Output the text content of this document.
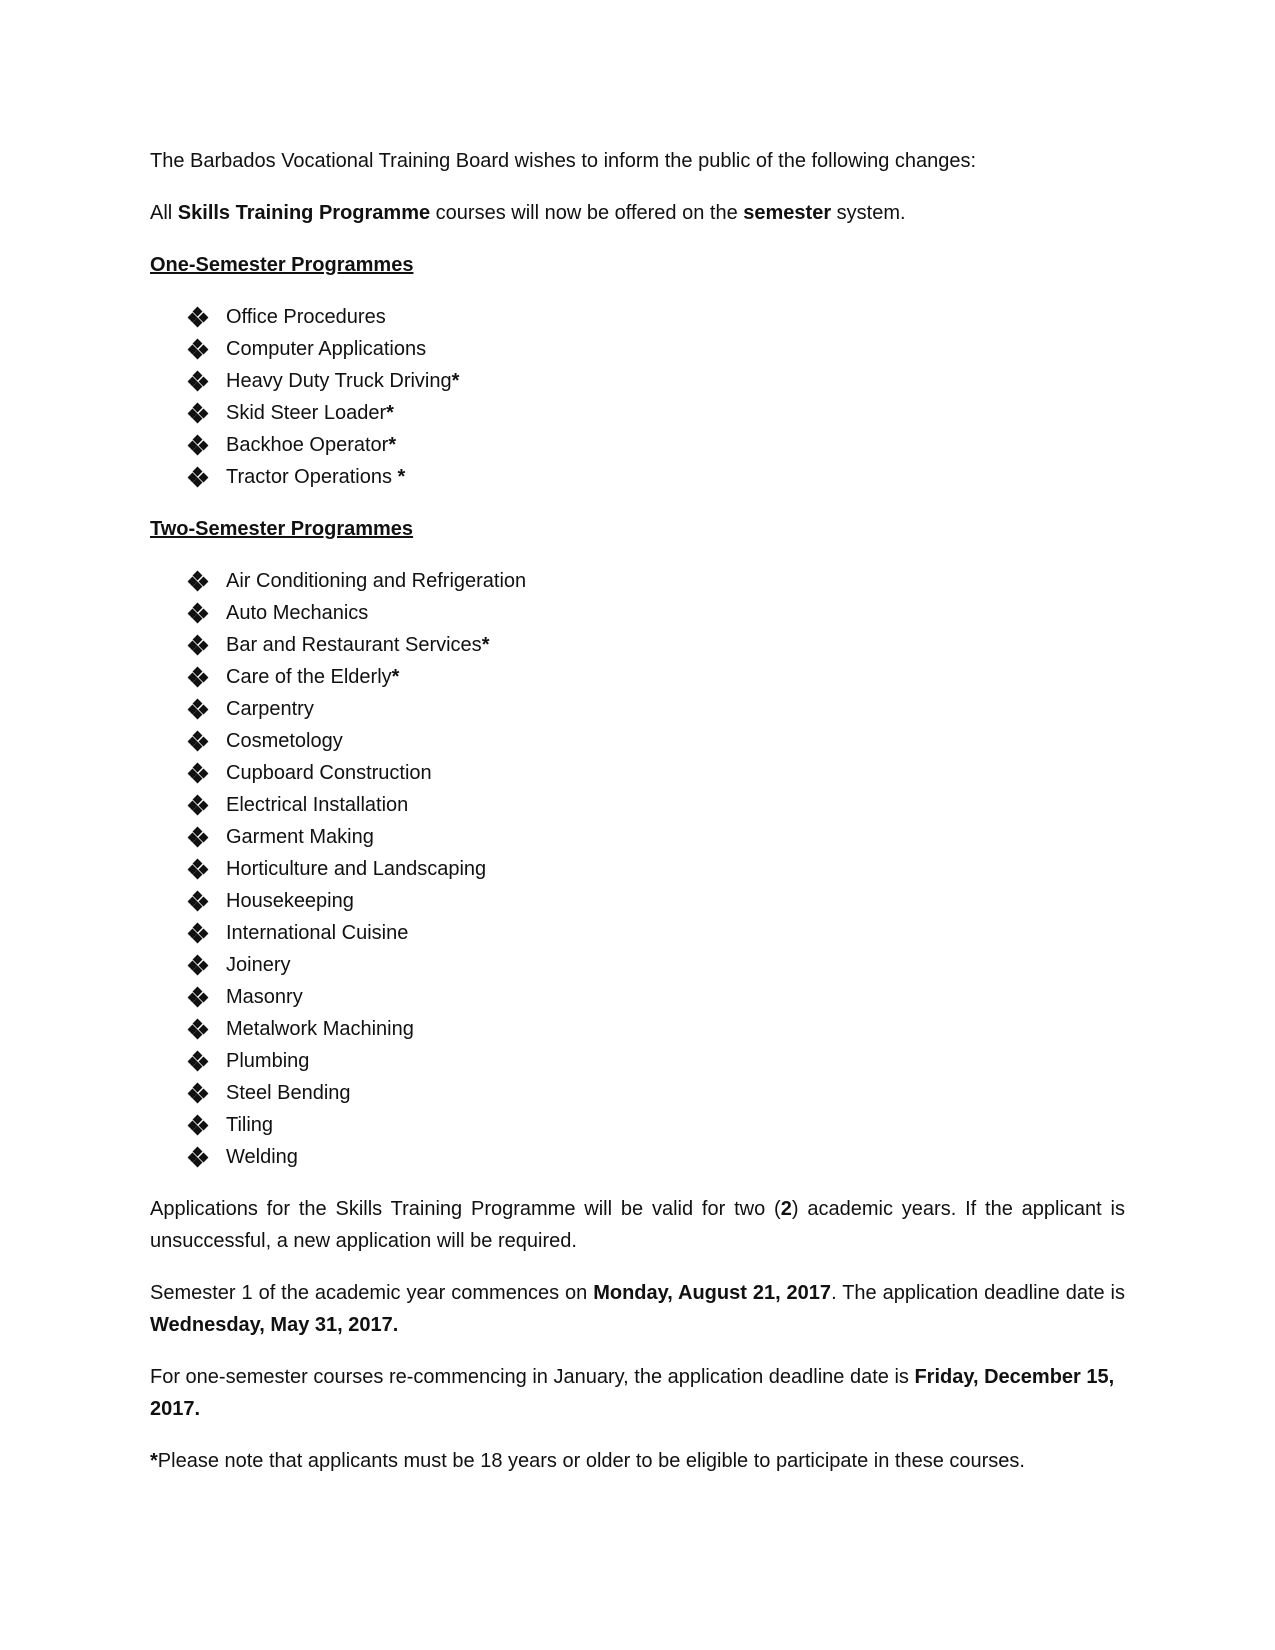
The Barbados Vocational Training Board wishes to inform the public of the following changes:

All Skills Training Programme courses will now be offered on the semester system.

One-Semester Programmes

Office Procedures
Computer Applications
Heavy Duty Truck Driving*
Skid Steer Loader*
Backhoe Operator*
Tractor Operations *

Two-Semester Programmes

Air Conditioning and Refrigeration
Auto Mechanics
Bar and Restaurant Services*
Care of the Elderly*
Carpentry
Cosmetology
Cupboard Construction
Electrical Installation
Garment Making
Horticulture and Landscaping
Housekeeping
International Cuisine
Joinery
Masonry
Metalwork Machining
Plumbing
Steel Bending
Tiling
Welding

Applications for the Skills Training Programme will be valid for two (2) academic years. If the applicant is unsuccessful, a new application will be required.

Semester 1 of the academic year commences on Monday, August 21, 2017. The application deadline date is Wednesday, May 31, 2017.

For one-semester courses re-commencing in January, the application deadline date is Friday, December 15, 2017.

*Please note that applicants must be 18 years or older to be eligible to participate in these courses.
